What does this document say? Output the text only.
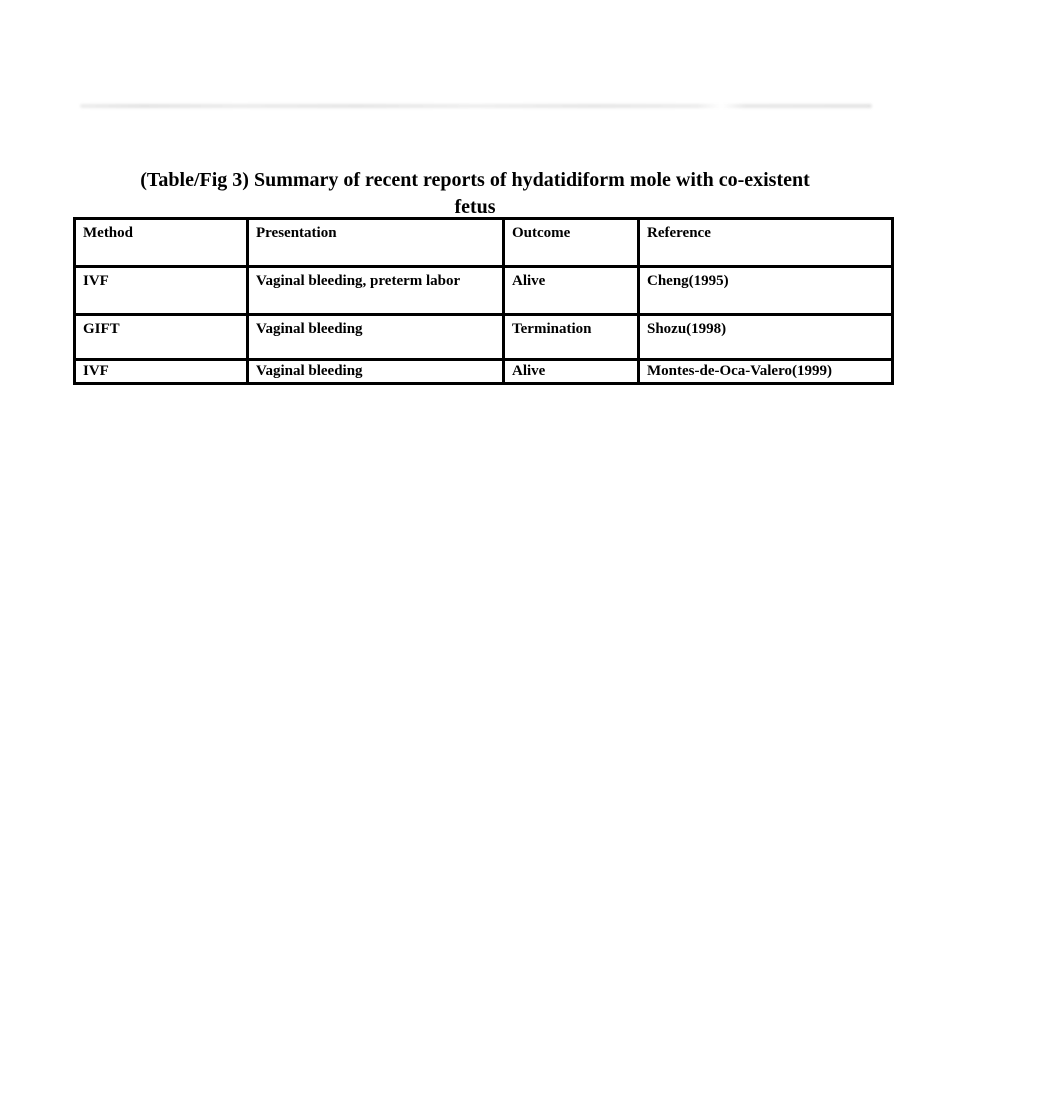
(Table/Fig 3) Summary of recent reports of hydatidiform mole with co-existent
fetus
Method	Presentation	Outcome	Reference
IVF	Vaginal bleeding, preterm labor	Alive	Cheng(1995)
GIFT	Vaginal bleeding	Termination	Shozu(1998)
IVF	Vaginal bleeding	Alive	Montes-de-Oca-Valero(1999)
